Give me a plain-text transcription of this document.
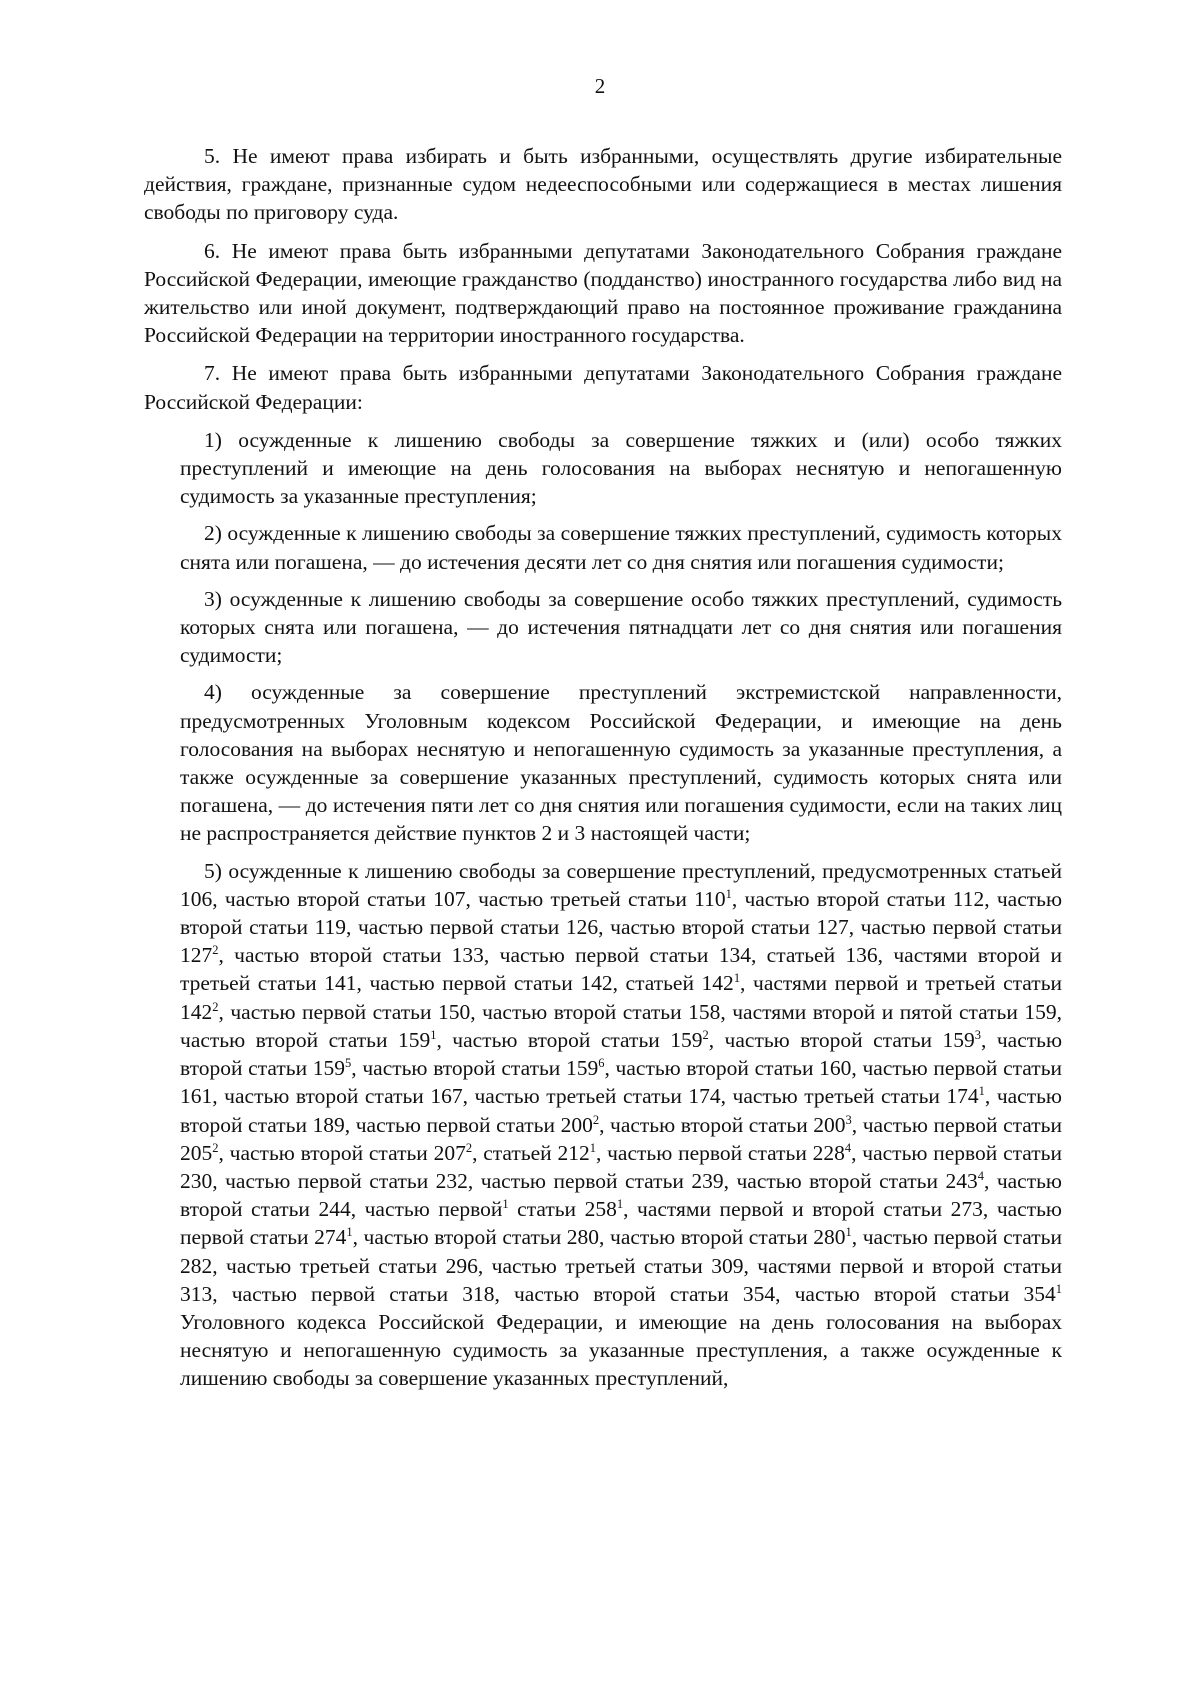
2

5. Не имеют права избирать и быть избранными, осуществлять другие избирательные действия, граждане, признанные судом недееспособными или содержащиеся в местах лишения свободы по приговору суда.

6. Не имеют права быть избранными депутатами Законодательного Собрания граждане Российской Федерации, имеющие гражданство (подданство) иностранного государства либо вид на жительство или иной документ, подтверждающий право на постоянное проживание гражданина Российской Федерации на территории иностранного государства.

7. Не имеют права быть избранными депутатами Законодательного Собрания граждане Российской Федерации:

1) осужденные к лишению свободы за совершение тяжких и (или) особо тяжких преступлений и имеющие на день голосования на выборах неснятую и непогашенную судимость за указанные преступления;

2) осужденные к лишению свободы за совершение тяжких преступлений, судимость которых снята или погашена, — до истечения десяти лет со дня снятия или погашения судимости;

3) осужденные к лишению свободы за совершение особо тяжких преступлений, судимость которых снята или погашена, — до истечения пятнадцати лет со дня снятия или погашения судимости;

4) осужденные за совершение преступлений экстремистской направленности, предусмотренных Уголовным кодексом Российской Федерации, и имеющие на день голосования на выборах неснятую и непогашенную судимость за указанные преступления, а также осужденные за совершение указанных преступлений, судимость которых снята или погашена, — до истечения пяти лет со дня снятия или погашения судимости, если на таких лиц не распространяется действие пунктов 2 и 3 настоящей части;

5) осужденные к лишению свободы за совершение преступлений, предусмотренных статьей 106, частью второй статьи 107, частью третьей статьи $110^1$, частью второй статьи 112, частью второй статьи 119, частью первой статьи 126, частью второй статьи 127, частью первой статьи $127^2$, частью второй статьи 133, частью первой статьи 134, статьей 136, частями второй и третьей статьи 141, частью первой статьи 142, статьей $142^1$, частями первой и третьей статьи $142^2$, частью первой статьи 150, частью второй статьи 158, частями второй и пятой статьи 159, частью второй статьи $159^1$, частью второй статьи $159^2$, частью второй статьи $159^3$, частью второй статьи $159^5$, частью второй статьи $159^6$, частью второй статьи 160, частью первой статьи 161, частью второй статьи 167, частью третьей статьи 174, частью третьей статьи $174^1$, частью второй статьи 189, частью первой статьи $200^2$, частью второй статьи $200^3$, частью первой статьи $205^2$, частью второй статьи $207^2$, статьей $212^1$, частью первой статьи $228^4$, частью первой статьи 230, частью первой статьи 232, частью первой статьи 239, частью второй статьи $243^4$, частью второй статьи 244, частью первой$^1$ статьи $258^1$, частями первой и второй статьи 273, частью первой статьи $274^1$, частью второй статьи 280, частью второй статьи $280^1$, частью первой статьи 282, частью третьей статьи 296, частью третьей статьи 309, частями первой и второй статьи 313, частью первой статьи 318, частью второй статьи 354, частью второй статьи $354^1$ Уголовного кодекса Российской Федерации, и имеющие на день голосования на выборах неснятую и непогашенную судимость за указанные преступления, а также осужденные к лишению свободы за совершение указанных преступлений,
